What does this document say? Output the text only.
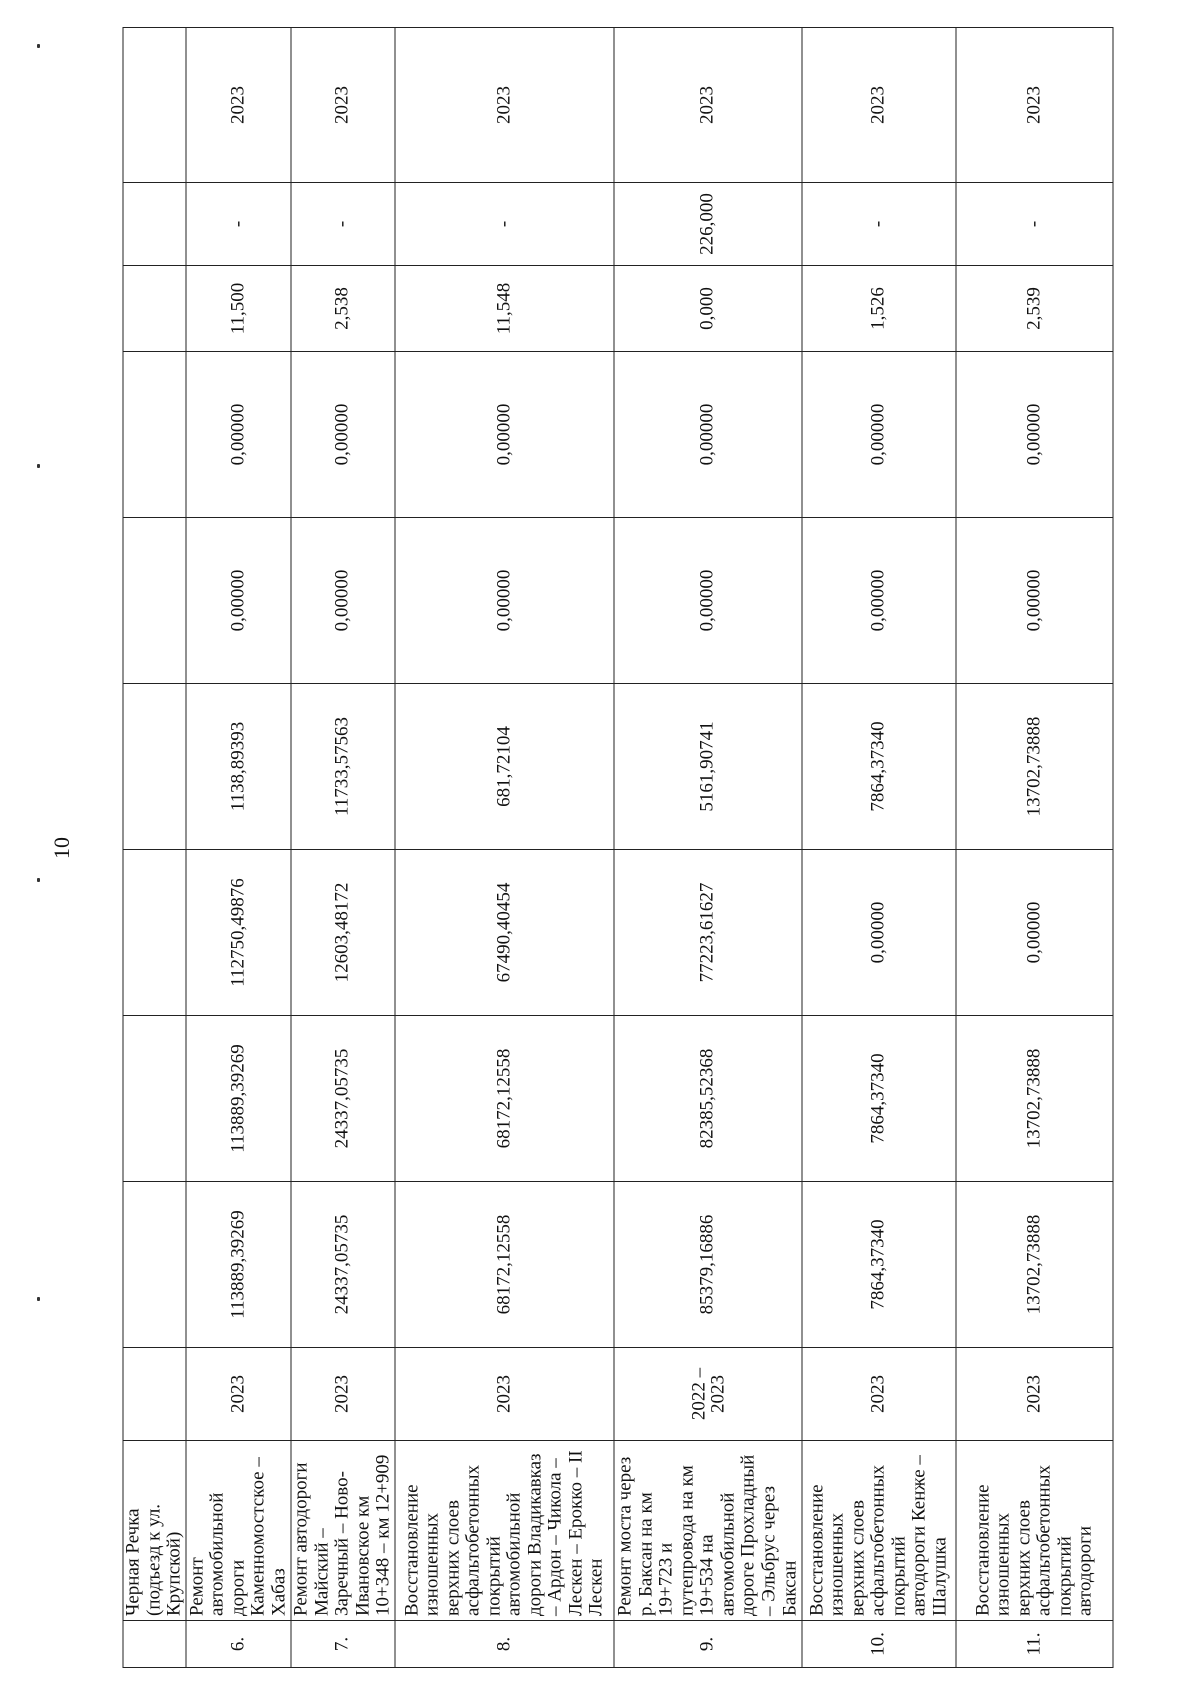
10
	Черная Речка (подъезд к ул. Крупской)										
6.	Ремонт автомобильной дороги Каменномостское – Хабаз	2023	113889,39269	113889,39269	112750,49876	1138,89393	0,00000	0,00000	11,500	-	2023
7.	Ремонт автодороги Майский – Заречный – Ново-Ивановское км 10+348 – км 12+909	2023	24337,05735	24337,05735	12603,48172	11733,57563	0,00000	0,00000	2,538	-	2023
8.	Восстановление изношенных верхних слоев асфальтобетонных покрытий автомобильной дороги Владикавказ – Ардон – Чикола – Лескен – Ерокко – II Лескен	2023	68172,12558	68172,12558	67490,40454	681,72104	0,00000	0,00000	11,548	-	2023
9.	Ремонт моста через р. Баксан на км 19+723 и путепровода на км 19+534 на автомобильной дороге Прохладный – Эльбрус через Баксан	2022 – 2023	85379,16886	82385,52368	77223,61627	5161,90741	0,00000	0,00000	0,000	226,000	2023
10.	Восстановление изношенных верхних слоев асфальтобетонных покрытий автодороги Кенже – Шалушка	2023	7864,37340	7864,37340	0,00000	7864,37340	0,00000	0,00000	1,526	-	2023
11.	Восстановление изношенных верхних слоев асфальтобетонных покрытий автодороги	2023	13702,73888	13702,73888	0,00000	13702,73888	0,00000	0,00000	2,539	-	2023
